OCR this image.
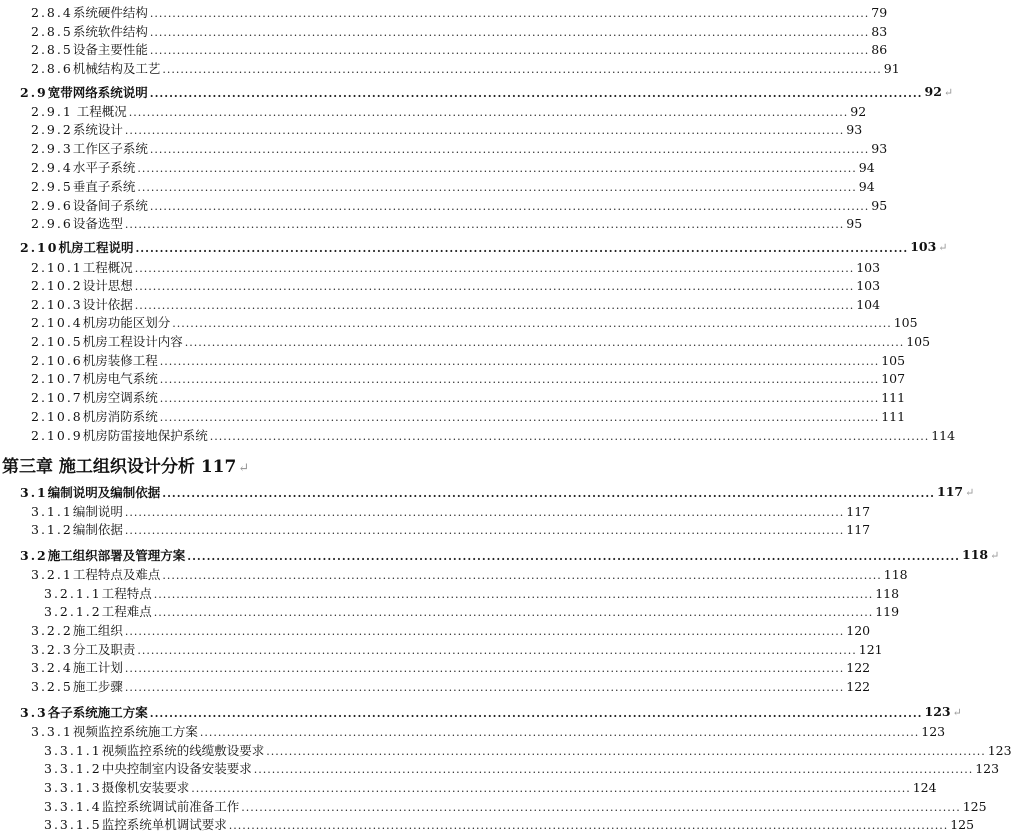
第三章 施工组织设计分析 117 ↵
2.8.4系统硬件结构 ................................................................................................................................................................ 79
2.8.5系统软件结构 ................................................................................................................................................................ 83
2.8.5设备主要性能 ................................................................................................................................................................ 86
2.8.6机械结构及工艺 ................................................................................................................................................................ 91
2.9宽带网络系统说明 ................................................................................................................................................................ 92 ↵
2.9.1 工程概况 ................................................................................................................................................................ 92
2.9.2系统设计 ................................................................................................................................................................ 93
2.9.3工作区子系统 ................................................................................................................................................................ 93
2.9.4水平子系统 ................................................................................................................................................................ 94
2.9.5垂直子系统 ................................................................................................................................................................ 94
2.9.6设备间子系统 ................................................................................................................................................................ 95
2.9.6设备选型 ................................................................................................................................................................ 95
2.10机房工程说明 ................................................................................................................................................................ 103 ↵
2.10.1工程概况 ................................................................................................................................................................ 103
2.10.2设计思想 ................................................................................................................................................................ 103
2.10.3设计依据 ................................................................................................................................................................ 104
2.10.4机房功能区划分 ................................................................................................................................................................ 105
2.10.5机房工程设计内容 ................................................................................................................................................................ 105
2.10.6机房装修工程 ................................................................................................................................................................ 105
2.10.7机房电气系统 ................................................................................................................................................................ 107
2.10.7机房空调系统 ................................................................................................................................................................ 111
2.10.8机房消防系统 ................................................................................................................................................................ 111
2.10.9机房防雷接地保护系统 ................................................................................................................................................................ 114
3.1编制说明及编制依据 ................................................................................................................................................................ 117 ↵
3.1.1编制说明 ................................................................................................................................................................ 117
3.1.2编制依据 ................................................................................................................................................................ 117
3.2施工组织部署及管理方案 ................................................................................................................................................................ 118 ↵
3.2.1工程特点及难点 ................................................................................................................................................................ 118
3.2.1.1工程特点 ................................................................................................................................................................ 118
3.2.1.2工程难点 ................................................................................................................................................................ 119
3.2.2施工组织 ................................................................................................................................................................ 120
3.2.3分工及职责 ................................................................................................................................................................ 121
3.2.4施工计划 ................................................................................................................................................................ 122
3.2.5施工步骤 ................................................................................................................................................................ 122
3.3各子系统施工方案 ................................................................................................................................................................ 123 ↵
3.3.1视频监控系统施工方案 ................................................................................................................................................................ 123
3.3.1.1视频监控系统的线缆敷设要求 ................................................................................................................................................................ 123
3.3.1.2中央控制室内设备安装要求 ................................................................................................................................................................ 123
3.3.1.3摄像机安装要求 ................................................................................................................................................................ 124
3.3.1.4监控系统调试前准备工作 ................................................................................................................................................................ 125
3.3.1.5监控系统单机调试要求 ................................................................................................................................................................ 125
